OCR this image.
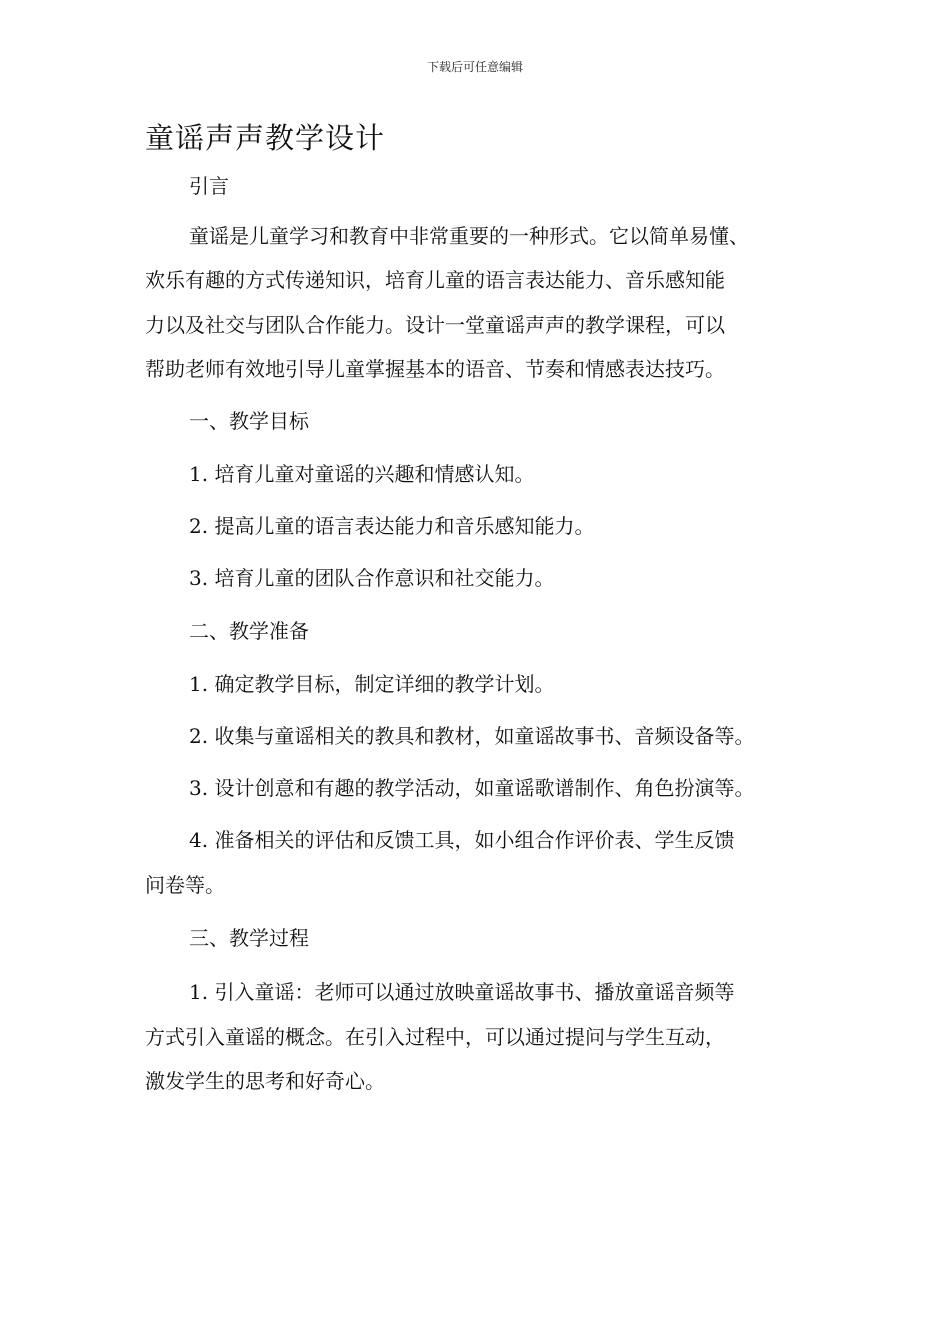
下载后可任意编辑
童谣声声教学设计
引言
童谣是儿童学习和教育中非常重要的一种形式。它以简单易懂、
欢乐有趣的方式传递知识，培育儿童的语言表达能力、音乐感知能
力以及社交与团队合作能力。设计一堂童谣声声的教学课程，可以
帮助老师有效地引导儿童掌握基本的语音、节奏和情感表达技巧。
一、教学目标
1. 培育儿童对童谣的兴趣和情感认知。
2. 提高儿童的语言表达能力和音乐感知能力。
3. 培育儿童的团队合作意识和社交能力。
二、教学准备
1. 确定教学目标，制定详细的教学计划。
2. 收集与童谣相关的教具和教材，如童谣故事书、音频设备等。
3. 设计创意和有趣的教学活动，如童谣歌谱制作、角色扮演等。
4. 准备相关的评估和反馈工具，如小组合作评价表、学生反馈
问卷等。
三、教学过程
1. 引入童谣：老师可以通过放映童谣故事书、播放童谣音频等
方式引入童谣的概念。在引入过程中，可以通过提问与学生互动，
激发学生的思考和好奇心。
